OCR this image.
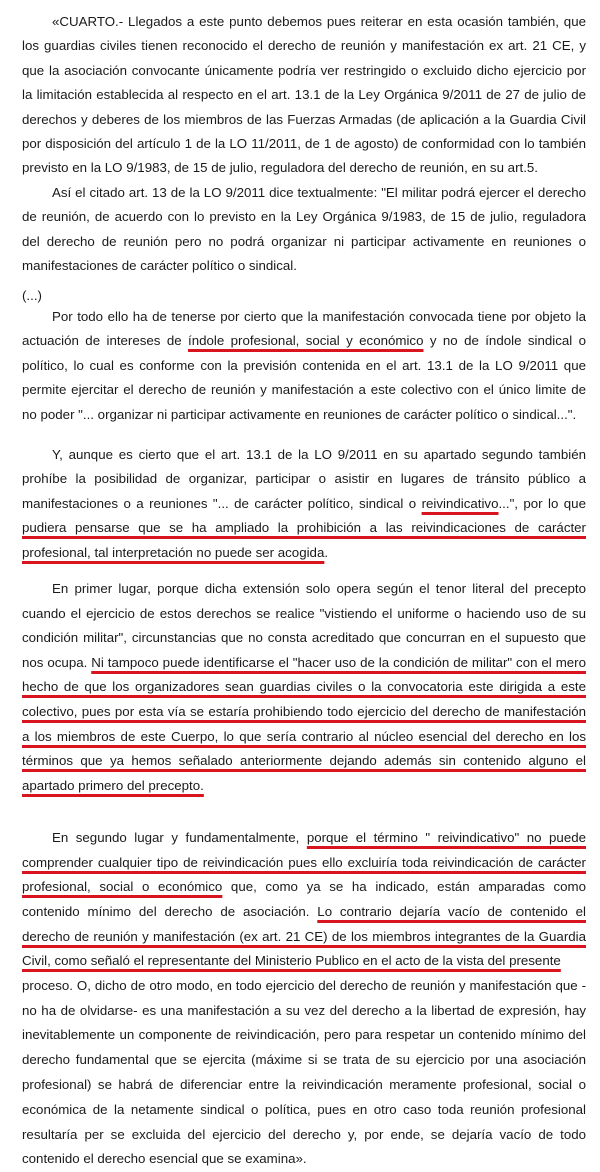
«CUARTO.- Llegados a este punto debemos pues reiterar en esta ocasión también, que los guardias civiles tienen reconocido el derecho de reunión y manifestación ex art. 21 CE, y que la asociación convocante únicamente podría ver restringido o excluido dicho ejercicio por la limitación establecida al respecto en el art. 13.1 de la Ley Orgánica 9/2011 de 27 de julio de derechos y deberes de los miembros de las Fuerzas Armadas (de aplicación a la Guardia Civil por disposición del artículo 1 de la LO 11/2011, de 1 de agosto) de conformidad con lo también previsto en la LO 9/1983, de 15 de julio, reguladora del derecho de reunión, en su art.5.

Así el citado art. 13 de la LO 9/2011 dice textualmente: "El militar podrá ejercer el derecho de reunión, de acuerdo con lo previsto en la Ley Orgánica 9/1983, de 15 de julio, reguladora del derecho de reunión pero no podrá organizar ni participar activamente en reuniones o manifestaciones de carácter político o sindical.

(...)

Por todo ello ha de tenerse por cierto que la manifestación convocada tiene por objeto la actuación de intereses de índole profesional, social y económico y no de índole sindical o político, lo cual es conforme con la previsión contenida en el art. 13.1 de la LO 9/2011 que permite ejercitar el derecho de reunión y manifestación a este colectivo con el único limite de no poder "... organizar ni participar activamente en reuniones de carácter político o sindical...".

Y, aunque es cierto que el art. 13.1 de la LO 9/2011 en su apartado segundo también prohíbe la posibilidad de organizar, participar o asistir en lugares de tránsito público a manifestaciones o a reuniones "... de carácter político, sindical o reivindicativo...", por lo que pudiera pensarse que se ha ampliado la prohibición a las reivindicaciones de carácter profesional, tal interpretación no puede ser acogida.

En primer lugar, porque dicha extensión solo opera según el tenor literal del precepto cuando el ejercicio de estos derechos se realice "vistiendo el uniforme o haciendo uso de su condición militar", circunstancias que no consta acreditado que concurran en el supuesto que nos ocupa. Ni tampoco puede identificarse el "hacer uso de la condición de militar" con el mero hecho de que los organizadores sean guardias civiles o la convocatoria este dirigida a este colectivo, pues por esta vía se estaría prohibiendo todo ejercicio del derecho de manifestación a los miembros de este Cuerpo, lo que sería contrario al núcleo esencial del derecho en los términos que ya hemos señalado anteriormente dejando además sin contenido alguno el apartado primero del precepto.

En segundo lugar y fundamentalmente, porque el término " reivindicativo" no puede comprender cualquier tipo de reivindicación pues ello excluiría toda reivindicación de carácter profesional, social o económico que, como ya se ha indicado, están amparadas como contenido mínimo del derecho de asociación. Lo contrario dejaría vacío de contenido el derecho de reunión y manifestación (ex art. 21 CE) de los miembros integrantes de la Guardia Civil, como señaló el representante del Ministerio Publico en el acto de la vista del presente

proceso. O, dicho de otro modo, en todo ejercicio del derecho de reunión y manifestación que -no ha de olvidarse- es una manifestación a su vez del derecho a la libertad de expresión, hay inevitablemente un componente de reivindicación, pero para respetar un contenido mínimo del derecho fundamental que se ejercita (máxime si se trata de su ejercicio por una asociación profesional) se habrá de diferenciar entre la reivindicación meramente profesional, social o económica de la netamente sindical o política, pues en otro caso toda reunión profesional resultaría per se excluida del ejercicio del derecho y, por ende, se dejaría vacío de todo contenido el derecho esencial que se examina».
